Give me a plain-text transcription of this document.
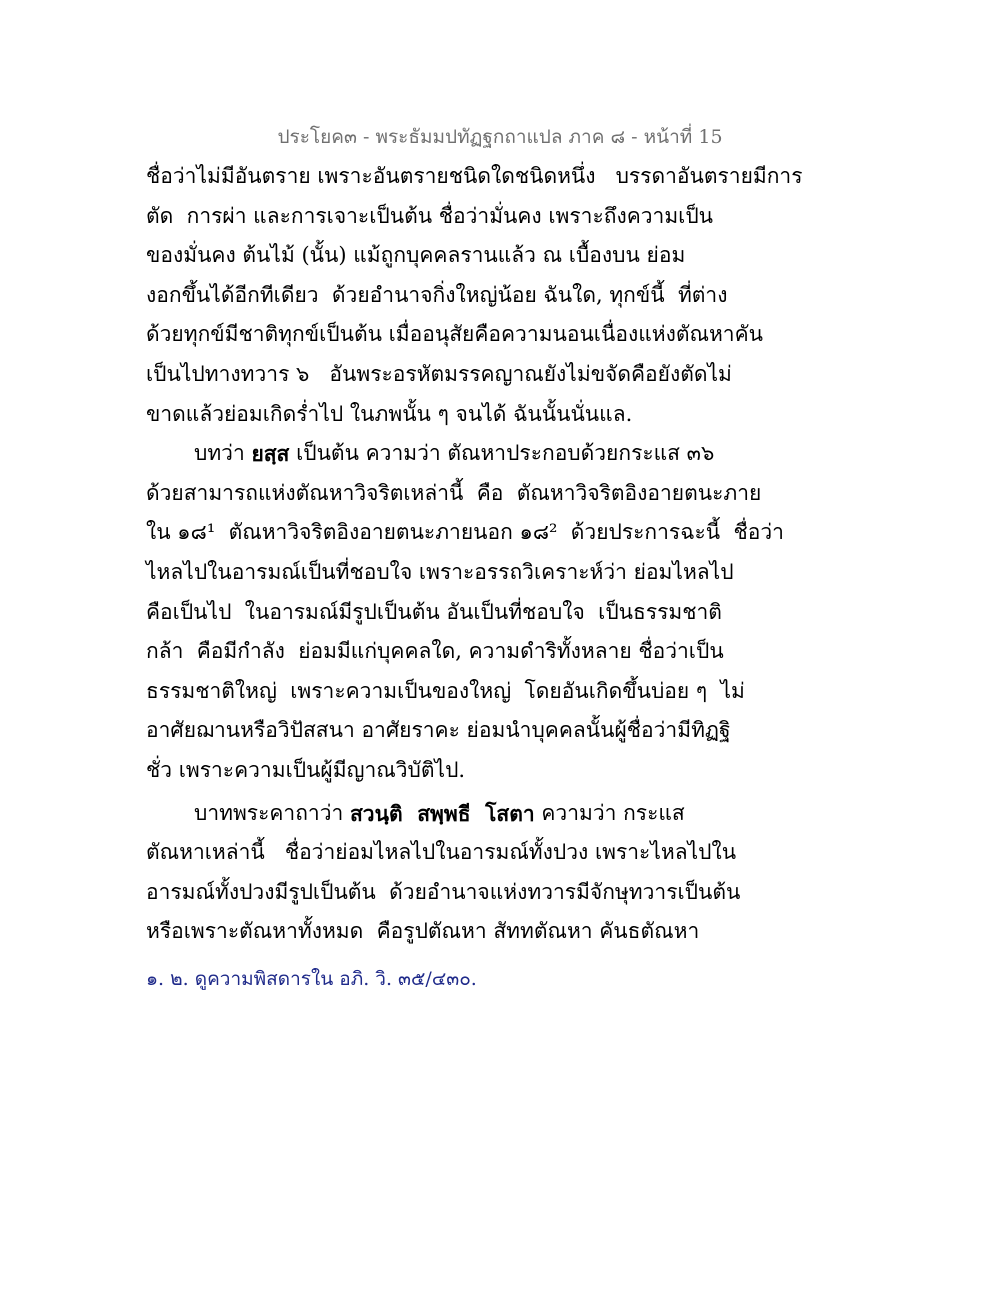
ประโยค๓ - พระธัมมปทัฏฐกถาแปล ภาค ๘ - หน้าที่ 15
ชื่อว่าไม่มีอันตราย เพราะอันตรายชนิดใดชนิดหนึ่ง   บรรดาอันตรายมีการ
ตัด  การผ่า และการเจาะเป็นต้น ชื่อว่ามั่นคง เพราะถึงความเป็น
ของมั่นคง ต้นไม้ (นั้น) แม้ถูกบุคคลรานแล้ว ณ เบื้องบน ย่อม
งอกขึ้นได้อีกทีเดียว  ด้วยอำนาจกิ่งใหญ่น้อย ฉันใด, ทุกข์นี้  ที่ต่าง
ด้วยทุกข์มีชาติทุกข์เป็นต้น เมื่ออนุสัยคือความนอนเนื่องแห่งตัณหาคัน
เป็นไปทางทวาร ๖   อันพระอรหัตมรรคญาณยังไม่ขจัดคือยังตัดไม่
ขาดแล้วย่อมเกิดร่ำไป ในภพนั้น ๆ จนได้ ฉันนั้นนั่นแล.
บทว่า ยสฺส เป็นต้น ความว่า ตัณหาประกอบด้วยกระแส ๓๖
ด้วยสามารถแห่งตัณหาวิจริตเหล่านี้  คือ  ตัณหาวิจริตอิงอายตนะภาย
ใน ๑๘¹  ตัณหาวิจริตอิงอายตนะภายนอก ๑๘²  ด้วยประการฉะนี้  ชื่อว่า
ไหลไปในอารมณ์เป็นที่ชอบใจ เพราะอรรถวิเคราะห์ว่า ย่อมไหลไป
คือเป็นไป  ในอารมณ์มีรูปเป็นต้น อันเป็นที่ชอบใจ  เป็นธรรมชาติ
กล้า  คือมีกำลัง  ย่อมมีแก่บุคคลใด, ความดำริทั้งหลาย ชื่อว่าเป็น
ธรรมชาติใหญ่  เพราะความเป็นของใหญ่  โดยอันเกิดขึ้นบ่อย ๆ  ไม่
อาศัยฌานหรือวิปัสสนา อาศัยราคะ ย่อมนำบุคคลนั้นผู้ชื่อว่ามีทิฏฐิ
ชั่ว เพราะความเป็นผู้มีญาณวิบัติไป.
บาทพระคาถาว่า สวนฺติ  สพฺพธี  โสตา ความว่า กระแส
ตัณหาเหล่านี้   ชื่อว่าย่อมไหลไปในอารมณ์ทั้งปวง เพราะไหลไปใน
อารมณ์ทั้งปวงมีรูปเป็นต้น  ด้วยอำนาจแห่งทวารมีจักษุทวารเป็นต้น
หรือเพราะตัณหาทั้งหมด  คือรูปตัณหา สัททตัณหา คันธตัณหา
๑. ๒. ดูความพิสดารใน อภิ. วิ. ๓๕/๔๓๐.
